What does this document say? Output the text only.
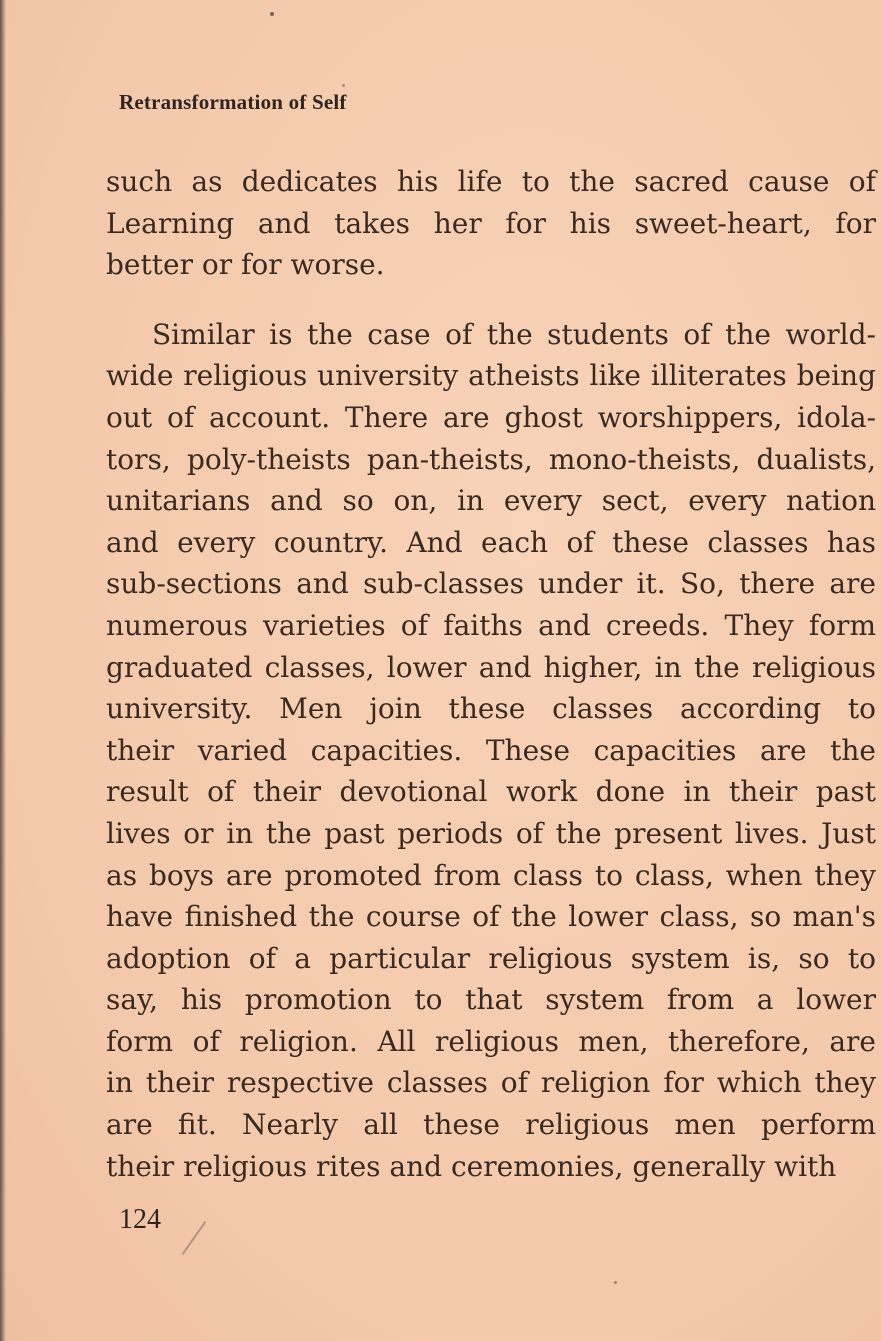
Retransformation of Self
such as dedicates his life to the sacred cause of
Learning and takes her for his sweet-heart, for
better or for worse.
Similar is the case of the students of the world-
wide religious university atheists like illiterates being
out of account. There are ghost worshippers, idola-
tors, poly-theists pan-theists, mono-theists, dualists,
unitarians and so on, in every sect, every nation
and every country. And each of these classes has
sub-sections and sub-classes under it. So, there are
numerous varieties of faiths and creeds. They form
graduated classes, lower and higher, in the religious
university. Men join these classes according to
their varied capacities. These capacities are the
result of their devotional work done in their past
lives or in the past periods of the present lives. Just
as boys are promoted from class to class, when they
have finished the course of the lower class, so man's
adoption of a particular religious system is, so to
say, his promotion to that system from a lower
form of religion. All religious men, therefore, are
in their respective classes of religion for which they
are fit. Nearly all these religious men perform
their religious rites and ceremonies, generally with
124
